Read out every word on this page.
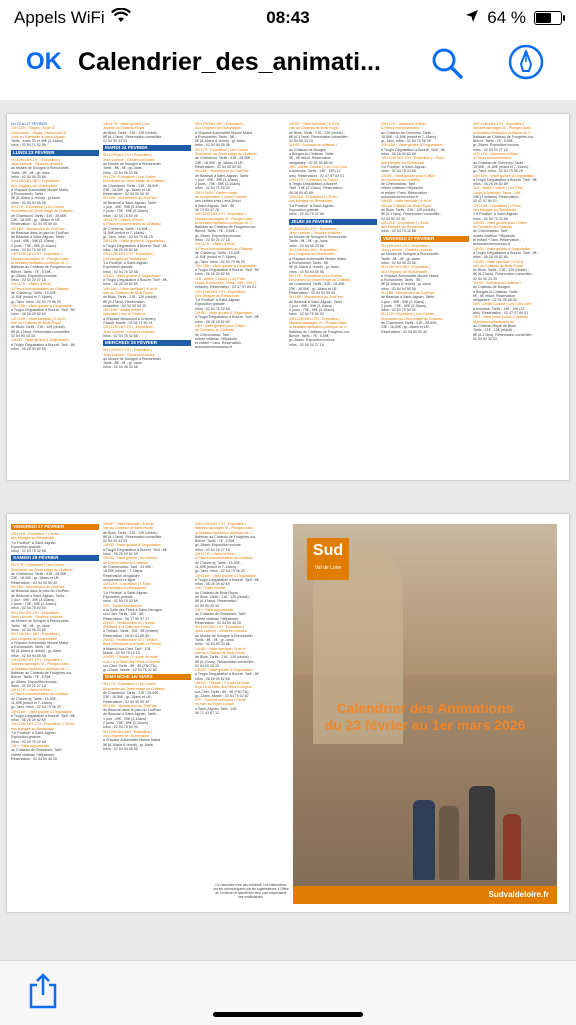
Appels WiFi	08:43	64 %
OK Calendrier_des_animati...
Du 23 au 27 FÉVRIER
10H-12H : Stages | Sport &
Découverte - Rugby, Taekwondo &
Judo au Gymnase à Saint-Aignan.
Tarifs : entre 30 et 40€ (4-14ans).
Infos : 02 54 71 02 56
LUNDI 23 FÉVRIER
9H-12H/14H-17H : Exposition |
Jean Lamore : Oeuvres choisies
au Musée de Sologne à Romorantin.
Tarifs : 8€ ; 4€ ; gr.-4ans.
Infos : 02 54 95 33 66
9H-12H/14H-18H : Exposition |
Aux Origines de l'Automobile
à l'Espace Automobile Musée Matra
à Romorantin. Tarifs :
5€ (8-16ans & réduit) ; gr.6ans.
Infos : 02 54 94 55 58
9H-17H : Exposition | Les Contes
Enchantés au 2ème étage du Château
de Chambord. Tarifs : 31€ ; 28,50€ ;
23€ ; 18,50€ ; gr. -18ans et UE.
Réservation : 02 54 50 50 40
9H-18H : Monstrueux au ZooParc
de Beauval dans le parc du ZooParc
de Beauval à Saint-Aignan. Tarifs :
1 jour : 49€ ; 39€ (3-10ans) ;
2 jours : 70€ ; 59€ (3-10ans).
Infos : 02 54 75 50 00
10H-12H/14H-17H : Exposition |
Natures sauvages III - Plongez dans
la bestiaire fantastico-poétique de J.
Balbéau au Château de Fougères-sur-
Bièvre. Tarifs : 7€ ; 5,50€ ;
gr.-26ans. Exposition incluse.
Infos : 02 54 20 27 18
10H-17H : Visites d'Hiver
& Fleurs monumentales au Château
de Cheverny. Tarifs : 15,50€ ;
11,50€ (réduit et 7-14ans) ;
gr.-7ans. Infos : 02 54 79 96 29
10H-18H : Visite guidée & Dégustation
à Troglo Dégustation à Bourré. Tarif : 8€.
Infos : 06 26 09 82 69
14H-18H : Visite familiale | À toi le
rôle au Château de Blois Royal
de Blois. Tarifs : 21€ ; 12€ (réduit) ;
8€ (6-17ans). Réservation conseillée :
02 54 90 33 33
14H30 : Visite guidée & Dégustation
à Troglo Dégustation à Bourré. Tarif : 8€.
Infos : 06 26 09 82 69
14H-17H : Visite guidée | Les
Jardins du Château Royal
de Blois. Tarifs : 21€ ; 12€ (réduit) ;
8€ (6-17ans). Réservation conseillée :
02 54 90 33 33
MARDI 24 FÉVRIER
9H-12H/14H-17H : Exposition |
Jean Lamore : Oeuvres choisies
au Musée de Sologne à Romorantin.
Tarifs : 8€ ; 4€ ; gr.-4ans.
Infos : 02 54 95 33 66
9H-17H : Exposition | Les Contes
Enchantés au 2ème étage du Château
de Chambord. Tarifs : 31€ ; 28,50€ ;
23€ ; 18,50€ ; gr.-18ans et UE.
Réservation : 02 54 50 50 40
9H-18H : Monstrueux au ZooParc
de Beauval à Saint-Aignan. Tarifs :
1 jour : 49€ ; 39€ (3-10ans) ;
2 jours : 70€ ; 59€ (3-10ans).
Infos : 02 54 75 50 00
10H-17H : Visites d'Hiver
& Fleurs monumentales au Château
de Cheverny. Tarifs : 15,50€ ;
11,50€ (réduit et 7-14ans) ;
gr.-7ans. Infos : 02 54 79 96 29
10H-18H : Visite guidée & Dégustation
à Troglo Dégustation à Bourré. Tarif : 8€.
Infos : 06 26 09 82 69
10H-12H/14H-17H : Exposition |
Des Mirages au Restaurant
"Le Pouëpe" à Saint-Aignan.
Exposition gratuite.
Infos : 02 54 75 32 68
14H30 : Visite guidée & Dégustation
à Troglo Dégustation à Bourré. Tarif : 8€.
Infos : 06 26 09 82 69
14H-18H : Visite familiale | À toi le
rôle au Château de Blois Royal
de Blois. Tarifs : 21€ ; 12€ (réduit) ;
8€ (6-17ans). Réservation
conseillée : 02 54 90 33 33
16H-18H : Atelier enfant |
spectacle | Kim et Farah le
à l'Espace Beaumont à Chémery.
Gratuit. Mairie : 02 54 71 80 24
10H-12H/14H-17H : Exposition |
Jean Lamore : Oeuvres choisies
Infos : 02 54 75 32 68
MERCREDI 25 FÉVRIER
9H-12H/14H-17H : Exposition |
Jean Lamore : Oeuvres choisies
au Musée de Sologne à Romorantin.
Tarifs : 8€ ; 4€ ; gr.-4ans.
Infos : 02 54 95 33 66
9H-12H/14H-18H : Exposition |
Aux Origines de l'Automobile
à l'Espace Automobile Musée Matra
à Romorantin. Tarifs : 5€ ;
5€ (8-16ans & réduit) ; gr.-6ans.
Infos : 02 54 94 55 58
9H-17H : Exposition | Les Contes
Enchantés au 2ème étage du Château
de Chambord. Tarifs : 31€ ; 28,50€ ;
23€ ; 18,50€ ; gr.-18ans et UE.
Réservation : 02 54 50 50 40
9H-18H : Monstrueux au ZooParc
de Beauval à Saint-Aignan. Tarifs :
1 jour : 49€ ; 39€ (3-10ans) ;
2 jours : 70€ ; 59€ (3-10ans).
Infos : 02 54 75 50 00
10H-13H30 : Atelier créatif
de récupération « Lamb » Atelier
des Lettres chez Lena Zmori
à Saint-Aignan. Tarif : 8€.
06 74 53 47 78
10H-12H/14H-17H : Exposition |
Natures sauvages III - Plongez dans
la bestiaire fantastico-poétique de J.
Balbéau au Château de Fougères-sur-
Bièvre. Tarifs : 7€ ; 5,50€ ;
gr.-26ans. Exposition incluse.
Infos : 02 54 20 27 18
10H-17H : Visites d'Hiver
& Fleurs monumentales au Château
de Cheverny. Tarifs : 15,50€ ;
11,50€ (réduit et 7-14ans) ;
gr.-7ans. Infos : 02 54 79 96 29
10H-18H : Visite guidée & Dégustation
à Troglo Dégustation à Bourré. Tarif : 8€.
Infos : 06 26 09 82 69
11H : Atelier Cuisine | Les P'tits
Loups à Ambroise. Tarifs : 29€ ; 14€ (2
enfants). Réservation : 02 47 57 69 01
10H-12H/14H-17H : Exposition |
Des Mirages au Restaurant
"Le Pouëpe" à Saint-Aignan.
Exposition gratuite.
Infos : 02 54 75 32 68
14H30 : Visite guidée & Dégustation
à Troglo Dégustation à Bourré. Tarif : 8€.
Infos : 06 26 09 82 69
15H : Visite guidée pour l'Office
de Tourisme au Château
de Chenonceau. Tarif :
entrée château +9€(adulte
et enfant +7ans. Réservation :
autourdechenonceau.fr
14H30 : Visite familiale | À toi le
rôle au Château de Blois Royal
de Blois. Tarifs : 21€ ; 12€ (réduit) ;
8€ (6-17ans). Réservation conseillée :
02 54 90 33 33
14H30 : Animaux au château !
au Château de Bouges
à Bouges-le-Château. Tarifs :
9€ ; 6€ réduit. Réservation
obligatoire : 02 54 35 88 26
16H : Atelier Cuisine | Les Cool Lord
à Amboise. Tarifs : 14€ ; 10€ (12
ans). Réservation : 02 47 57 69 01
14H-17H : Châteaux au Trésor
à Troglo Dégustation à Bourré.
Tarif : 15€ (4-12ans). Réservation :
06 26 09 82 69
10H-21H : Exposition | L'Écho
des Mirages au Restaurant
"Le Pouëpe" à Saint-Aignan.
Exposition gratuite.
Infos : 02 54 75 32 68
JEUDI 26 FÉVRIER
9H-12H/14H-17H : Exposition |
Jean Lamore : Oeuvres choisies
au Musée de Sologne à Romorantin.
Tarifs : 8€ ; 4€ ; gr.-4ans.
Infos : 02 54 95 33 66
9H-12H/14H-18H : Exposition |
Aux Origines de l'Automobile
à l'Espace Automobile Musée Matra
à Romorantin. Tarifs : 5€ ;
5€ (8-16ans & réduit) ; gr.-6ans.
Infos : 02 54 94 55 58
9H-17H : Exposition | Les Contes
Enchantés au 2ème étage du Château
de Chambord. Tarifs : 31€ ; 28,50€ ;
23€ ; 18,50€ ; gr.-18ans et UE.
Réservation : 02 54 50 50 40
9H-18H : Monstrueux au ZooParc
de Beauval à Saint-Aignan. Tarifs :
1 jour : 49€ ; 39€ (3-10ans) ;
2 jours : 70€ ; 59€ (3-10ans).
Infos : 02 54 75 50 00
10H-12H/14H-17H : Exposition |
Natures sauvages III - Plongez dans
la bestiaire fantastico-poétique de J.
Balbéau au Château de Fougères-sur-
Bièvre. Tarifs : 7€ ; 5,50€ ;
gr.-26ans. Exposition incluse.
Infos : 02 54 20 27 18
10H-17H : Vacances d'Hiver
& Fleurs monumentales
au Château de Cheverny. Tarifs :
15,50€ ; 11,50€ (réduit et 7-14ans) ;
gr.-7ans. Infos : 02 54 79 96 29
10H-18H : Visite guidée & Dégustation
à Troglo Dégustation à Bourré. Tarif : 8€.
Infos : 06 26 09 82 69
10H-12H/14H-17H : Exposition | L'Écho
des Mirages au Restaurant
"Le Pouëpe" à Saint-Aignan.
Infos : 02 54 75 32 68
14H30 : Visite guidée pour l'Office
de Tourisme au Château
de Chenonceau. Tarif :
entrée château +9€(adulte
et enfant +7ans. Réservation :
autourdechenonceau.fr
14H30 : Visite familiale | À toi le
rôle au Château de Blois Royal
de Blois. Tarifs : 21€ ; 12€ (réduit) ;
8€ (6-17ans). Réservation conseillée :
02 54 90 33 33
10H-21H : Exposition | L'Écho
des Mirages au Restaurant
Infos : 02 54 75 32 68
VENDREDI 27 FÉVRIER
9H-12H/14H-17H : Exposition |
Jean Lamore : Oeuvres choisies
au Musée de Sologne à Romorantin.
Tarifs : 8€ ; 4€ ; gr.-4ans.
Infos : 02 54 95 33 66
9H-12H/14H-18H : Exposition |
Aux Origines de l'Automobile
à l'Espace Automobile Musée Matra
à Romorantin. Tarifs : 5€ ;
5€ (8-16ans & réduit) ; gr.-6ans.
Infos : 02 54 94 55 58
9H-18H : Monstrueux au ZooParc
de Beauval à Saint-Aignan. Tarifs :
1 jour : 49€ ; 39€ (3-10ans) ;
2 jours : 70€ ; 59€ (3-10ans).
Infos : 02 54 75 50 00
9H-17H : Exposition | Les Contes
Enchantés au 2ème étage du Château
de Chambord. Tarifs : 31€ ; 28,50€ ;
23€ ; 18,50€ ; gr.-18ans et UE.
Réservation : 02 54 50 50 40
10H-12H/14H-17H : Exposition |
Natures sauvages III - Plongez dans
la bestiaire fantastico-poétique de J.
Balbéau au Château de Fougères-sur-
Bièvre. Tarifs : 7€ ; 5,50€ ;
gr.-26ans. Exposition incluse.
Infos : 02 54 20 27 18
10H-17H : Vacances d'Hiver
& Fleurs monumentales
au Château de Cheverny. Tarifs :
15,50€ ; 11,50€ (réduit et 7-14ans) ;
gr.-7ans. Infos : 02 54 79 96 29
10H-18H : Visite guidée & Dégustation
à Troglo Dégustation à Bourré. Tarif : 8€.
Infos : 06 26 09 82 69
11H : Atelier Cuisine | Les P'tits
Loups à Amboise. Tarifs : 29€ ;
14€ (2 enfants). Réservation :
02 47 57 69 01
12H-14H : Exposition | L'Écho
des Mirages au Restaurant
"Le Pouëpe" à Saint-Aignan.
Infos : 02 54 75 32 68
14H30 : Visite guidée pour l'Office
de Tourisme au Château
de Chenonceau. Tarif :
entrée château +9€(adulte
et enfant +7ans. Réservation :
autourdechenonceau.fr
14H30 : Visite guidée & Dégustation
à Troglo Dégustation à Bourré. Tarif : 8€.
Infos : 06 26 09 82 69
14H30 : Visite familiale | À toi le
rôle au Château de Blois Royal
de Blois. Tarifs : 21€ ; 12€ (réduit) ;
8€ (6-17ans). Réservation conseillée :
02 54 90 33 33
14H30 : Animaux au château !
au Château de Bouges
à Bouges-le-Château. Tarifs :
9€ ; 6€ réduit. Réservation
obligatoire : 02 54 35 88 26
16H : Atelier Cuisine | Les Cool Lord
à Amboise. Tarifs : 14€ ; 10€ (12
ans). Réservation : 02 47 57 69 01
10H : Visite jeune public | Château
Mystères exploratoires au
au Château Royal de Blois.
Tarifs : 21€ ; 12€ (réduit) ;
8€ (6-17ans). Réservation conseillée :
02 54 90 33 33
VENDREDI 27 FÉVRIER
10H-21H : Exposition | L'Écho
des Mirages au Restaurant
"Le Pouëpe" à Saint-Aignan.
Exposition gratuite.
Infos : 02 54 75 32 68
SAMEDI 28 FÉVRIER
9H-17H : Exposition | Les Contes
Enchantés au 2ème étage du Château
de Chambord. Tarifs : 31€ ; 28,50€ ;
23€ ; 18,50€ ; gr.-18ans et UE.
Réservation : 02 54 50 50 40
9H-18H : Monstrueux au ZooParc
de Beauval dans le parc du ZooParc
de Beauval à Saint-Aignan. Tarifs :
1 jour : 49€ ; 39€ (3-10ans) ;
2 jours : 70€ ; 59€ (3-10ans).
Infos : 02 54 75 50 00
9H-12H/14H-17H : Exposition |
Jean Lamore : Oeuvres choisies
au Musée de Sologne à Romorantin.
Tarifs : 8€ ; 4€ ; gr.-4ans.
Infos : 02 54 95 33 66
9H-12H/14H-18H : Exposition |
Aux Origines de l'Automobile
à l'Espace Automobile Musée Matra
à Romorantin. Tarifs : 5€ ;
5€ (8-16ans & réduit) ; gr.-6ans.
Infos : 02 54 94 55 58
10H-12H/14H-17H : Exposition |
Natures sauvages III - Plongez dans
la bestiaire fantastico-poétique de J.
Balbéau au Château de Fougères-sur-
Bièvre. Tarifs : 7€ ; 5,50€ ;
gr.-26ans. Exposition incluse.
Infos : 02 54 20 27 18
10H-17H : Visites d'Hiver
& Fleurs monumentales au Château
de Cheverny. Tarifs : 15,50€ ;
11,50€ (réduit et 7-14ans) ;
gr.-7ans. Infos : 02 54 79 96 29
10H-18H : Visite guidée & Dégustation
à Troglo Dégustation à Bourré. Tarif : 8€.
Infos : 06 26 09 82 69
10H-12H/14H-17H : Exposition | L'Écho
des Mirages au Restaurant
"Le Pouëpe" à Saint-Aignan.
Exposition gratuite.
Infos : 02 54 75 32 68
14H : Visite approfondie
du Château de Chambord. Tarif :
entrée château +5€(adulte).
Réservation : 02 54 50 40 00
14H30 : Visite familiale | À toi le
rôle au Château de Blois Royal
de Blois. Tarifs : 21€ ; 12€ (réduit) ;
8€ (6-17ans). Réservation conseillée :
02 54 90 33 33
14H30 : Visite guidée & Dégustation
à Troglo Dégustation à Bourré. Tarif : 8€.
Infos : 06 26 09 82 69
15H30 : Visite guidée | les Dames
de Chenonceau au Château
de Chenonceau. Tarif : 24,50€ ;
18,50€ (réduit) ; 7-18ans.
Réservation obligatoire
uniquement en ligne.
10H-21H : Exposition | L'Écho
des Mirages au Restaurant
"Le Pouëpe" à Saint-Aignan.
Exposition gratuite.
Infos : 02 54 75 32 68
20H : Soirée Musicienne
à la Salle des Fêtes à Saint-Georges-
sur-Cher. Tarifs : 10€ ; 8€.
Réservation : 06 17 90 97 37
20H30 : Festillumière #1 | Soirée
Antillaise à la Salle des Fêtes
à Thésée. Tarifs : 10€ ; 5€ (enfant).
Réservation : 06 61 61 88 85
20H30 : Festillumière #2 | Théâtre -
Bout d'émotions à la Salle Le Rétrail
à Mareuil-sur-Cher. Tarif : 12€.
Mairie : 02 54 75 15 13
20H30 : Théâtre | Y a pas de mâle
à ça ! à la Salle des Fêtes à Noyers-
sur-Cher. Tarifs : 8€ ; 5€ (FNCTA) ;
gr.-12ans. Mairie : 02 54 75 02 82
DIMANCHE 1er MARS
9H-17H : Exposition | Les Contes
Enchantés au 2ème étage du Château
de Chambord. Tarifs : 31€ ; 28,50€ ;
23€ ; 18,50€ ; gr.-18ans et UE.
Réservation : 02 54 50 50 40
9H-18H : Monstrueux au ZooParc
de Beauval dans le parc du ZooParc
de Beauval à Saint-Aignan. Tarifs :
1 jour : 49€ ; 39€ (3-10ans) ;
2 jours : 70€ ; 59€ (3-10ans).
Infos : 02 54 75 50 00
9H-12H/14H-18H : Exposition |
Aux Origines de l'Automobile
à l'Espace Automobile Musée Matra
5€ (8-16ans & réduit) ; gr.-6ans.
Infos : 02 54 94 55 58
10H-12H/14H-17H : Exposition |
Natures sauvages III - Plongez dans
la bestiaire fantastico-poétique de J.
Balbéau au Château de Fougères-sur-
Bièvre. Tarifs : 7€ ; 5,50€ ;
gr.-26ans. Exposition incluse.
Infos : 02 54 20 27 18
10H-17H : Visites d'Hiver
& Fleurs monumentales au Château
de Cheverny. Tarifs : 15,50€ ;
11,50€ (réduit et 7-14ans) ;
gr.-7ans. Infos : 02 54 79 96 29
10H-18H : Visite guidée & Dégustation
à Troglo Dégustation à Bourré. Tarif : 8€.
Infos : 06 26 09 82 69
14H : Visite insolite
du Château de Blois Royal
de Blois. Tarifs : 21€ ; 12€ (réduit) ;
8€ (6-17ans). Réservation :
02 54 90 33 33
14H : Visite approfondie
du Château de Chambord. Tarif :
entrée château +5€(adulte).
Réservation : 02 54 50 40 00
9H-12H/14H-17H : Exposition |
Jean Lamore : Oeuvres choisies
au Musée de Sologne à Romorantin.
Tarifs : 8€ ; 4€ ; gr.-4ans.
Infos : 02 54 95 33 66
14H30 : Visite familiale | À toi le
rôle au Château de Blois Royal
de Blois. Tarifs : 21€ ; 12€ (réduit) ;
8€ (6-17ans). Réservation conseillée :
02 54 90 33 33
14H30 : Visite guidée & Dégustation
à Troglo Dégustation à Bourré. Tarif : 8€.
Infos : 06 26 09 82 69
15H30 : Théâtre | Y a pas de mâle
à ça ! à la Salle des Fêtes à Noyers-
sur-Cher. Tarifs : 8€ ; 5€ (FNCTA) ;
gr.-12ans. Mairie : 02 54 75 02 82
17H : Concert spectacle | Ferrat
en Voix au Foyer Laïque
à Saint-Aignan. Tarif : 12€.
06 71 43 67 12
Ce calendrier n'est pas exhaustif. Les informations ont été communiquées par les organisateurs. L'Office de Tourisme ne saurait être tenu pour responsable des modifications.
Sud
Val de Loire
Calendrier des Animations
du 23 février au 1er mars 2026
Sudvaldeloire.fr
